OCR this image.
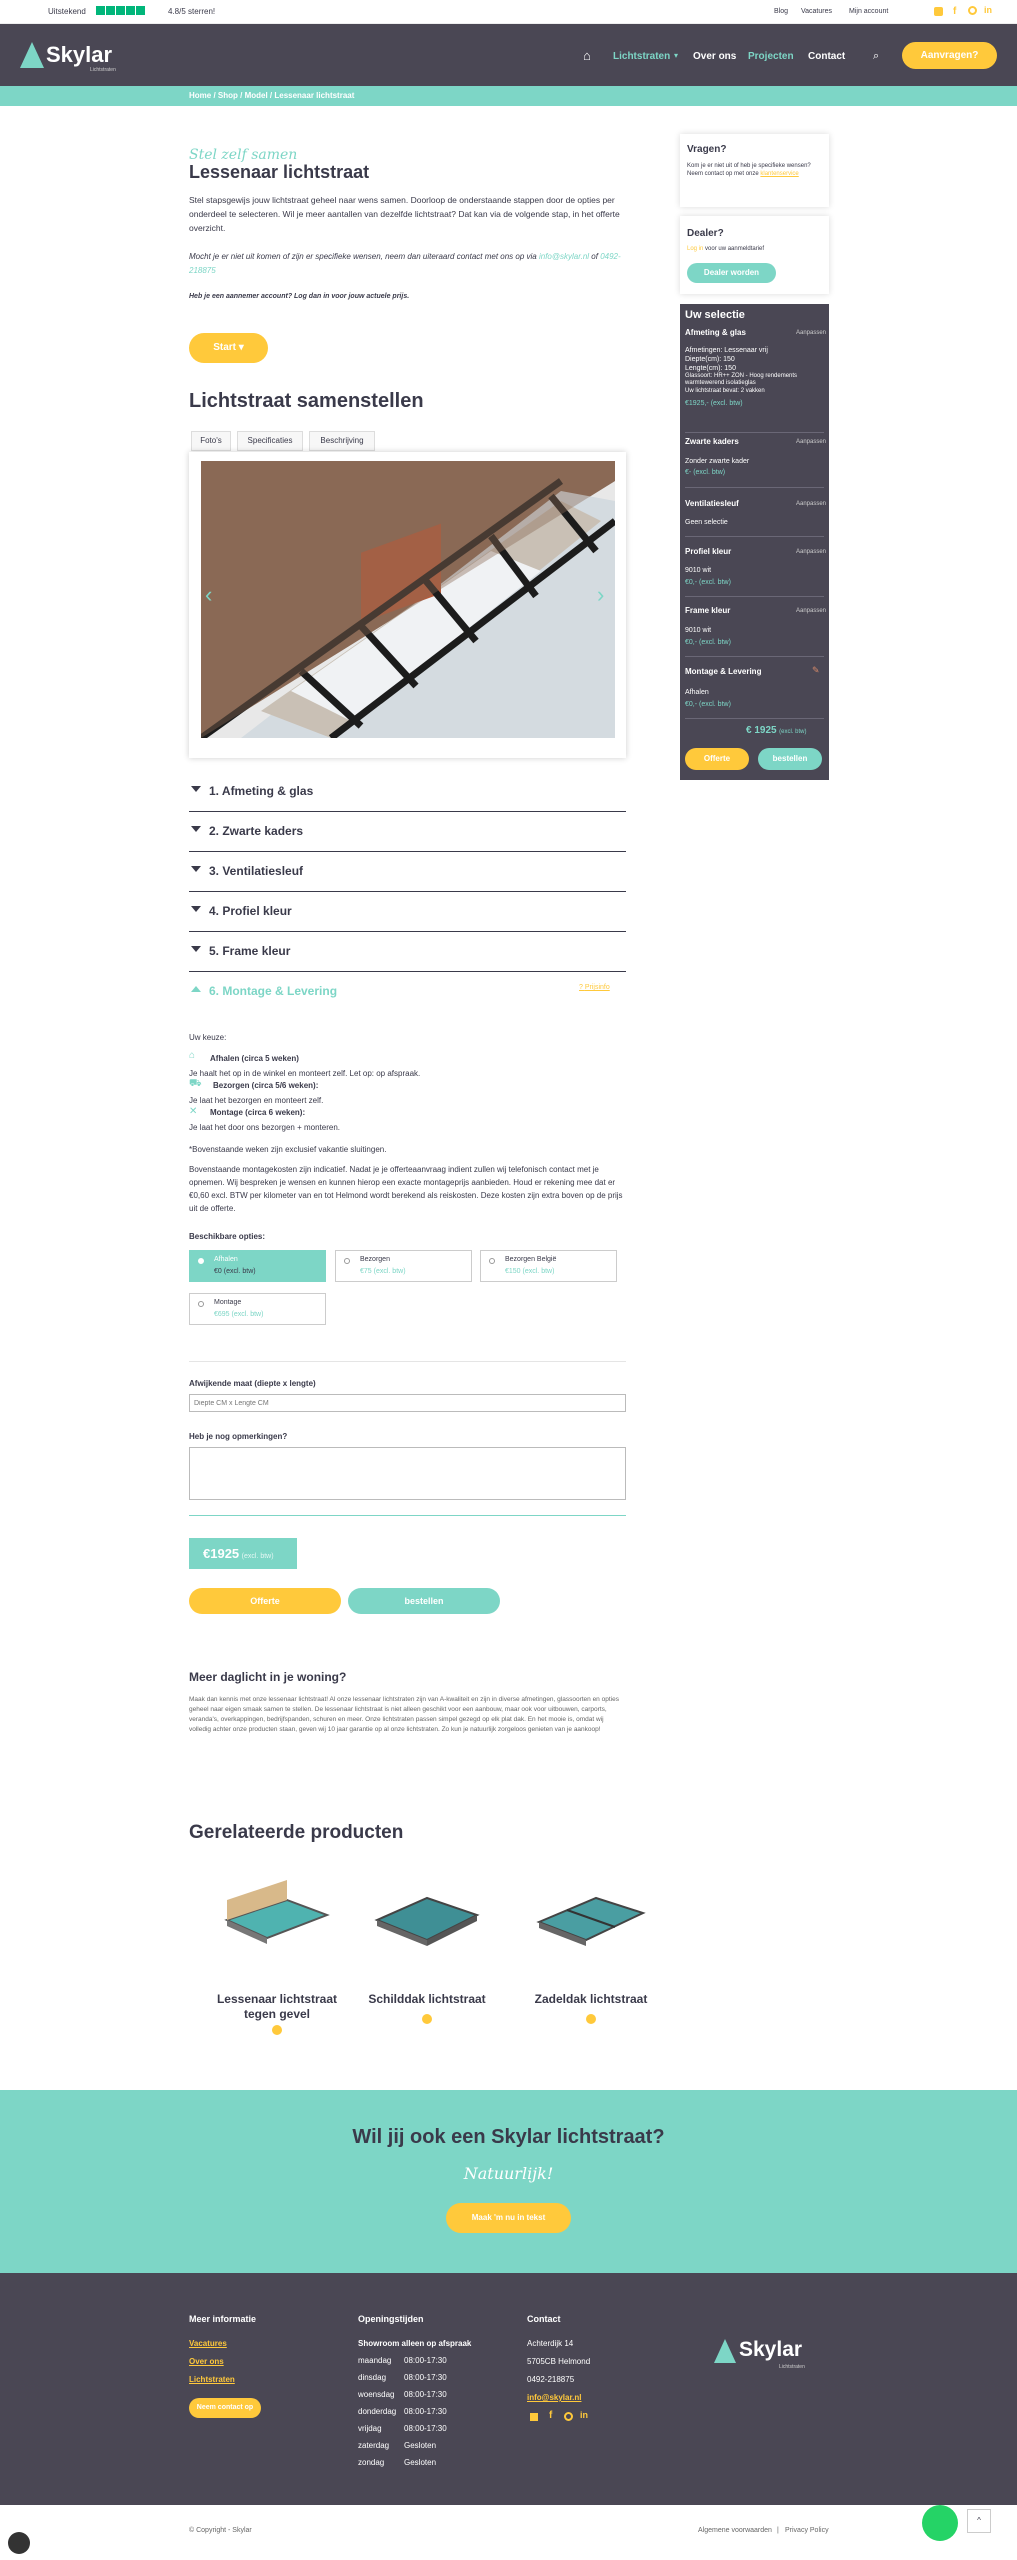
Uitstekend	4.8/5 sterren!	Blog Vacatures Mijn account	f	in
Skylar
Lichtstraten
⌂ Lichtstraten ▾ Over ons Projecten Contact	⌕	Aanvragen?
Home / Shop / Model / Lessenaar lichtstraat
Stel zelf samen
Lessenaar lichtstraat

Stel stapsgewijs jouw lichtstraat geheel naar wens samen. Doorloop de onderstaande stappen door de opties per onderdeel te selecteren. Wil je meer aantallen van dezelfde lichtstraat? Dat kan via de volgende stap, in het offerte overzicht.

Mocht je er niet uit komen of zijn er specifieke wensen, neem dan uiteraard contact met ons op via info@skylar.nl of 0492-218875

Heb je een aannemer account? Log dan in voor jouw actuele prijs.
Start ▾
Lichtstraat samenstellen
Foto's	Specificaties	Beschrijving
‹	›
1. Afmeting & glas
2. Zwarte kaders
3. Ventilatiesleuf
4. Profiel kleur
5. Frame kleur
6. Montage & Levering	? Prijsinfo
Uw keuze:
⌂ Afhalen (circa 5 weken)
Je haalt het op in de winkel en monteert zelf. Let op: op afspraak.
⛟ Bezorgen (circa 5/6 weken):
Je laat het bezorgen en monteert zelf.
✕ Montage (circa 6 weken):
Je laat het door ons bezorgen + monteren.
*Bovenstaande weken zijn exclusief vakantie sluitingen.

Bovenstaande montagekosten zijn indicatief. Nadat je je offerteaanvraag indient zullen wij telefonisch contact met je opnemen. Wij bespreken je wensen en kunnen hierop een exacte montageprijs aanbieden. Houd er rekening mee dat er €0,60 excl. BTW per kilometer van en tot Helmond wordt berekend als reiskosten. Deze kosten zijn extra boven op de prijs uit de offerte.

Beschikbare opties:
Afhalen
€0 (excl. btw)
Bezorgen
€75 (excl. btw)
Bezorgen België
€150 (excl. btw)
Montage
€695 (excl. btw)
Afwijkende maat (diepte x lengte)
Diepte CM x Lengte CM
Heb je nog opmerkingen?
€1925 (excl. btw)
Offerte	bestellen
Meer daglicht in je woning?

Maak dan kennis met onze lessenaar lichtstraat! Al onze lessenaar lichtstraten zijn van A-kwaliteit en zijn in diverse afmetingen, glassoorten en opties geheel naar eigen smaak samen te stellen. De lessenaar lichtstraat is niet alleen geschikt voor een aanbouw, maar ook voor uitbouwen, carports, veranda's, overkappingen, bedrijfspanden, schuren en meer. Onze lichtstraten passen simpel gezegd op elk plat dak. En het mooie is, omdat wij volledig achter onze producten staan, geven wij 10 jaar garantie op al onze lichtstraten. Zo kun je natuurlijk zorgeloos genieten van je aankoop!

Gerelateerde producten
Lessenaar lichtstraat tegen gevel
Schilddak lichtstraat	Zadeldak lichtstraat
Wil jij ook een Skylar lichtstraat?
Natuurlijk!
Maak 'm nu in tekst
Meer informatie
Vacatures
Over ons
Lichtstraten
Neem contact op
Openingstijden
Showroom alleen op afspraak
maandag 08:00-17:30
dinsdag 08:00-17:30
woensdag 08:00-17:30
donderdag 08:00-17:30
vrijdag	08:00-17:30
zaterdag Gesloten
zondag Gesloten
Contact
Achterdijk 14
5705CB Helmond
0492-218875
info@skylar.nl
f	in
Skylar
Lichtstraten
© Copyright - Skylar	Algemene voorwaarden | Privacy Policy
^
Vragen?

Kom je er niet uit of heb je specifieke wensen? Neem contact op met onze klantenservice

Dealer?
Log in voor uw aanmeldtarief
Dealer worden
Uw selectie
Afmeting & glas	Aanpassen
Afmetingen: Lessenaar vrij
Diepte(cm): 150
Lengte(cm): 150
Glassoort: HR++ ZON - Hoog rendements warmtewerend isolatieglas
Uw lichtstraat bevat: 2 vakken
€1925,- (excl. btw)
Zwarte kaders	Aanpassen
Zonder zwarte kader
€- (excl. btw)
Ventilatiesleuf	Aanpassen
Geen selectie
Profiel kleur	Aanpassen
9010 wit
€0,- (excl. btw)
Frame kleur	Aanpassen
9010 wit
€0,- (excl. btw)
Montage & Levering	✎
Afhalen
€0,- (excl. btw)
€ 1925 (excl. btw)
Offerte	bestellen
